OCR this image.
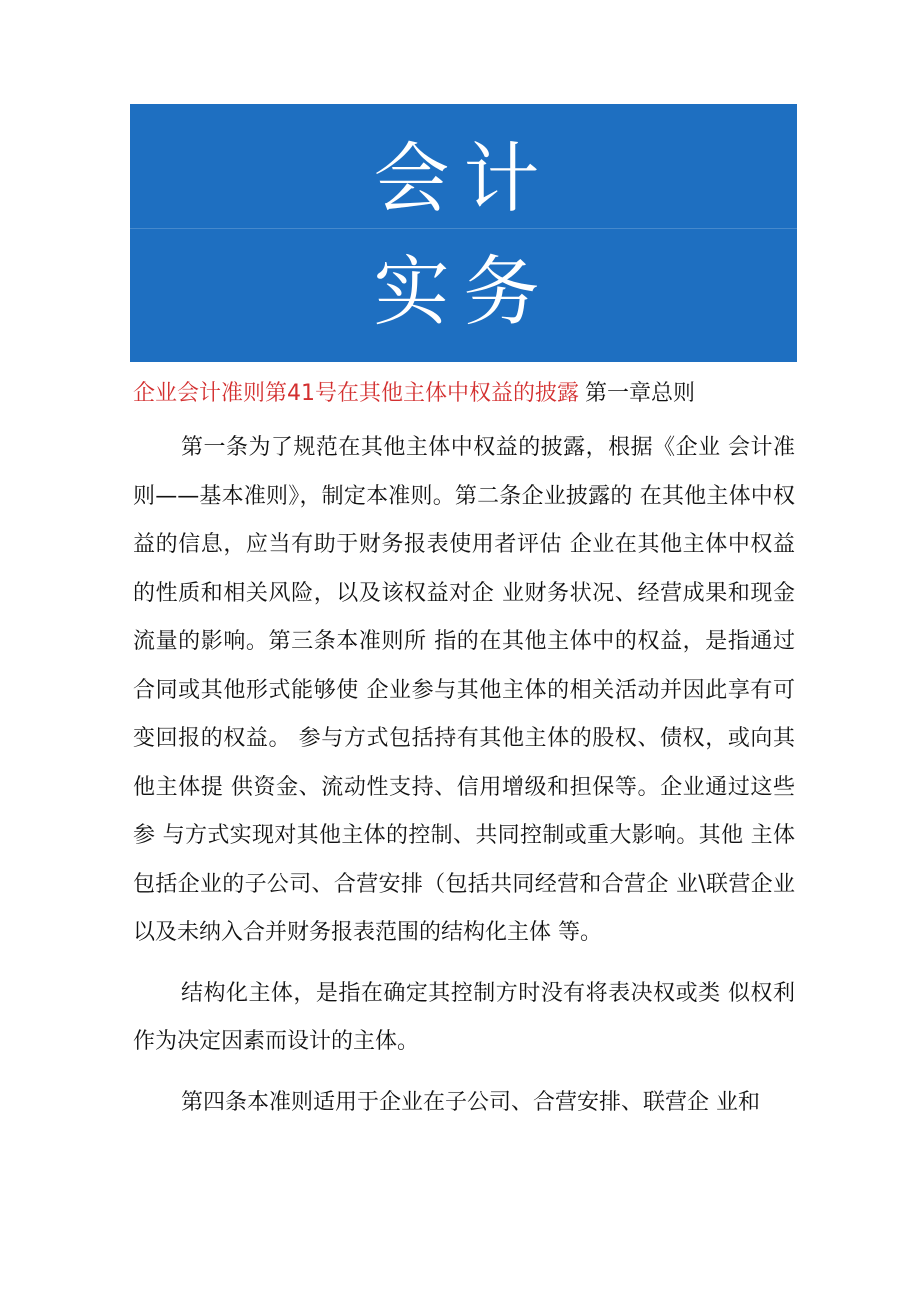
会计
实务
企业会计准则第41号在其他主体中权益的披露 第一章总则

第一条为了规范在其他主体中权益的披露，根据《企业 会计准则——基本准则》，制定本准则。第二条企业披露的 在其他主体中权益的信息，应当有助于财务报表使用者评估 企业在其他主体中权益的性质和相关风险，以及该权益对企 业财务状况、经营成果和现金流量的影响。第三条本准则所 指的在其他主体中的权益，是指通过合同或其他形式能够使 企业参与其他主体的相关活动并因此享有可变回报的权益。 参与方式包括持有其他主体的股权、债权，或向其他主体提 供资金、流动性支持、信用增级和担保等。企业通过这些参 与方式实现对其他主体的控制、共同控制或重大影响。其他 主体包括企业的子公司、合营安排（包括共同经营和合营企 业\联营企业以及未纳入合并财务报表范围的结构化主体 等。

结构化主体，是指在确定其控制方时没有将表决权或类 似权利作为决定因素而设计的主体。

第四条本准则适用于企业在子公司、合营安排、联营企 业和
